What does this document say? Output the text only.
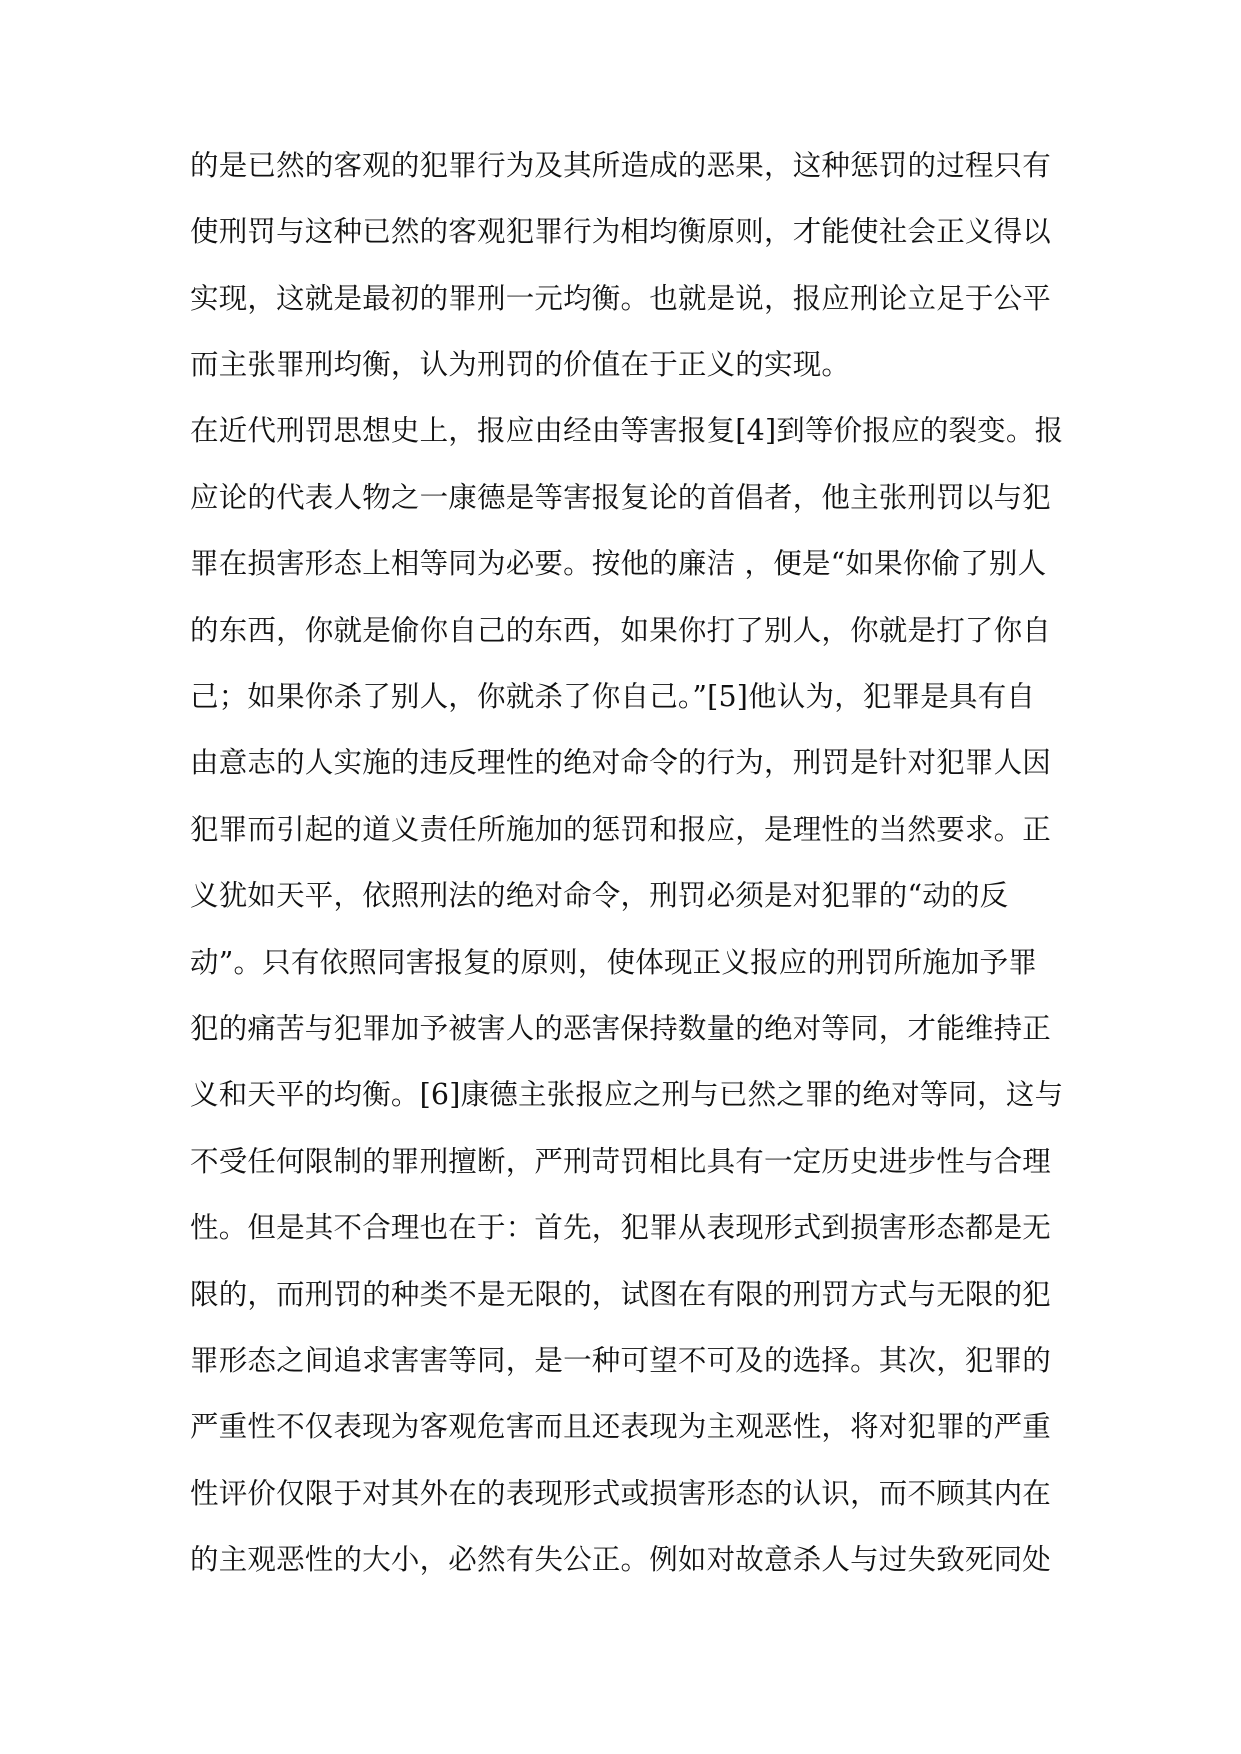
的是已然的客观的犯罪行为及其所造成的恶果，这种惩罚的过程只有
使刑罚与这种已然的客观犯罪行为相均衡原则，才能使社会正义得以
实现，这就是最初的罪刑一元均衡。也就是说，报应刑论立足于公平
而主张罪刑均衡，认为刑罚的价值在于正义的实现。
在近代刑罚思想史上，报应由经由等害报复[4]到等价报应的裂变。报
应论的代表人物之一康德是等害报复论的首倡者，他主张刑罚以与犯
罪在损害形态上相等同为必要。按他的廉洁 ，便是“如果你偷了别人
的东西，你就是偷你自己的东西，如果你打了别人，你就是打了你自
己；如果你杀了别人，你就杀了你自己。”[5]他认为，犯罪是具有自
由意志的人实施的违反理性的绝对命令的行为，刑罚是针对犯罪人因
犯罪而引起的道义责任所施加的惩罚和报应，是理性的当然要求。正
义犹如天平，依照刑法的绝对命令，刑罚必须是对犯罪的“动的反
动”。只有依照同害报复的原则，使体现正义报应的刑罚所施加予罪
犯的痛苦与犯罪加予被害人的恶害保持数量的绝对等同，才能维持正
义和天平的均衡。[6]康德主张报应之刑与已然之罪的绝对等同，这与
不受任何限制的罪刑擅断，严刑苛罚相比具有一定历史进步性与合理
性。但是其不合理也在于：首先，犯罪从表现形式到损害形态都是无
限的，而刑罚的种类不是无限的，试图在有限的刑罚方式与无限的犯
罪形态之间追求害害等同，是一种可望不可及的选择。其次，犯罪的
严重性不仅表现为客观危害而且还表现为主观恶性，将对犯罪的严重
性评价仅限于对其外在的表现形式或损害形态的认识，而不顾其内在
的主观恶性的大小，必然有失公正。例如对故意杀人与过失致死同处
